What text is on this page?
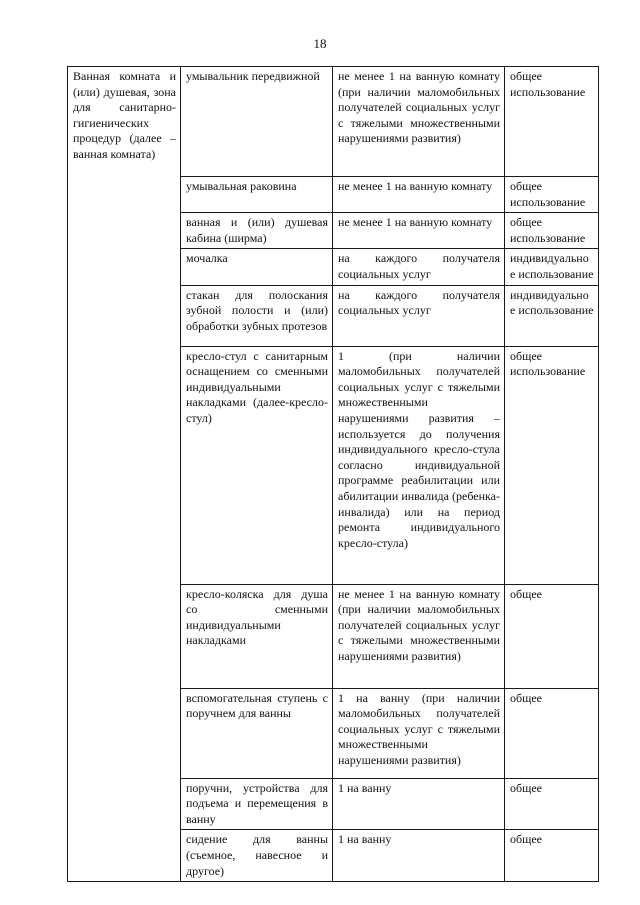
18
Ванная комната и (или) душевая, зона для санитарно-гигиенических процедур (далее – ванная комната)	умывальник передвижной	не менее 1 на ванную комнату (при наличии маломобильных получателей социальных услуг с тяжелыми множественными нарушениями развития)	общее использование

	умывальная раковина	не менее 1 на ванную комнату	общее использование

	ванная и (или) душевая кабина (ширма)	не менее 1 на ванную комнату	общее использование

	мочалка	на каждого получателя социальных услуг	индивидуальное использование

	стакан для полоскания зубной полости и (или) обработки зубных протезов	на каждого получателя социальных услуг	индивидуальное использование

	кресло-стул с санитарным оснащением со сменными индивидуальными накладками (далее-кресло-стул)	1 (при наличии маломобильных получателей социальных услуг с тяжелыми множественными нарушениями развития – используется до получения индивидуального кресло-стула согласно индивидуальной программе реабилитации или абилитации инвалида (ребенка-инвалида) или на период ремонта индивидуального кресло-стула)	общее использование

	кресло-коляска для душа со сменными индивидуальными накладками	не менее 1 на ванную комнату (при наличии маломобильных получателей социальных услуг с тяжелыми множественными нарушениями развития)	общее

	вспомогательная ступень с поручнем для ванны	1 на ванну (при наличии маломобильных получателей социальных услуг с тяжелыми множественными нарушениями развития)	общее

	поручни, устройства для подъема и перемещения в ванну	1 на ванну	общее

	сидение для ванны (съемное, навесное и другое)	1 на ванну	общее
